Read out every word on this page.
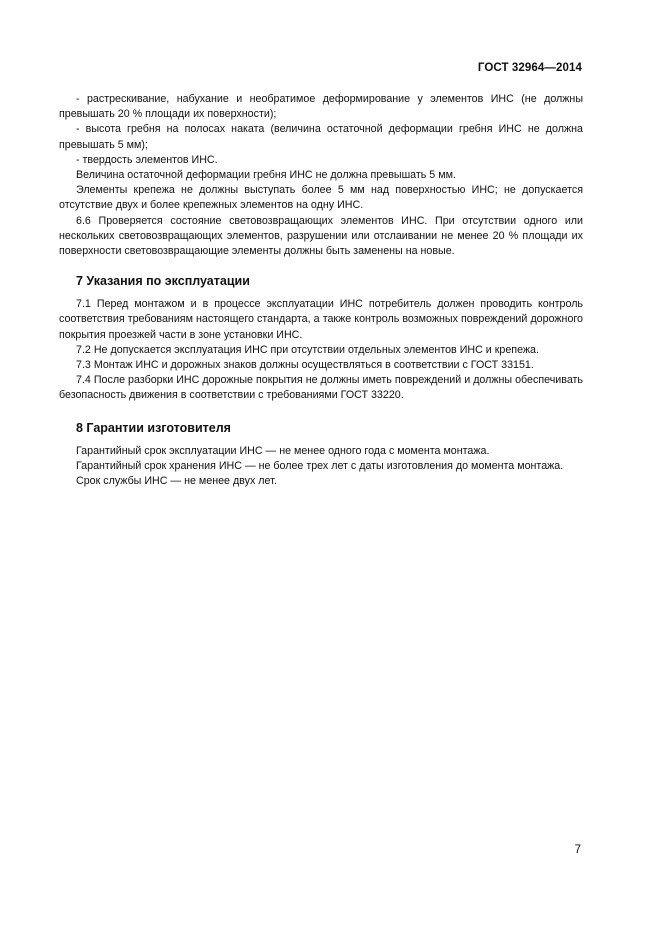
ГОСТ 32964—2014

- растрескивание, набухание и необратимое деформирование у элементов ИНС (не должны превышать 20 % площади их поверхности);

- высота гребня на полосах наката (величина остаточной деформации гребня ИНС не должна превышать 5 мм);

- твердость элементов ИНС.

Величина остаточной деформации гребня ИНС не должна превышать 5 мм.

Элементы крепежа не должны выступать более 5 мм над поверхностью ИНС; не допускается отсутствие двух и более крепежных элементов на одну ИНС.

6.6 Проверяется состояние световозвращающих элементов ИНС. При отсутствии одного или нескольких световозвращающих элементов, разрушении или отслаивании не менее 20 % площади их поверхности световозвращающие элементы должны быть заменены на новые.

7 Указания по эксплуатации

7.1 Перед монтажом и в процессе эксплуатации ИНС потребитель должен проводить контроль соответствия требованиям настоящего стандарта, а также контроль возможных повреждений дорожного покрытия проезжей части в зоне установки ИНС.

7.2 Не допускается эксплуатация ИНС при отсутствии отдельных элементов ИНС и крепежа.

7.3 Монтаж ИНС и дорожных знаков должны осуществляться в соответствии с ГОСТ 33151.

7.4 После разборки ИНС дорожные покрытия не должны иметь повреждений и должны обеспечивать безопасность движения в соответствии с требованиями ГОСТ 33220.

8 Гарантии изготовителя

Гарантийный срок эксплуатации ИНС — не менее одного года с момента монтажа.

Гарантийный срок хранения ИНС — не более трех лет с даты изготовления до момента монтажа.

Срок службы ИНС — не менее двух лет.

7
